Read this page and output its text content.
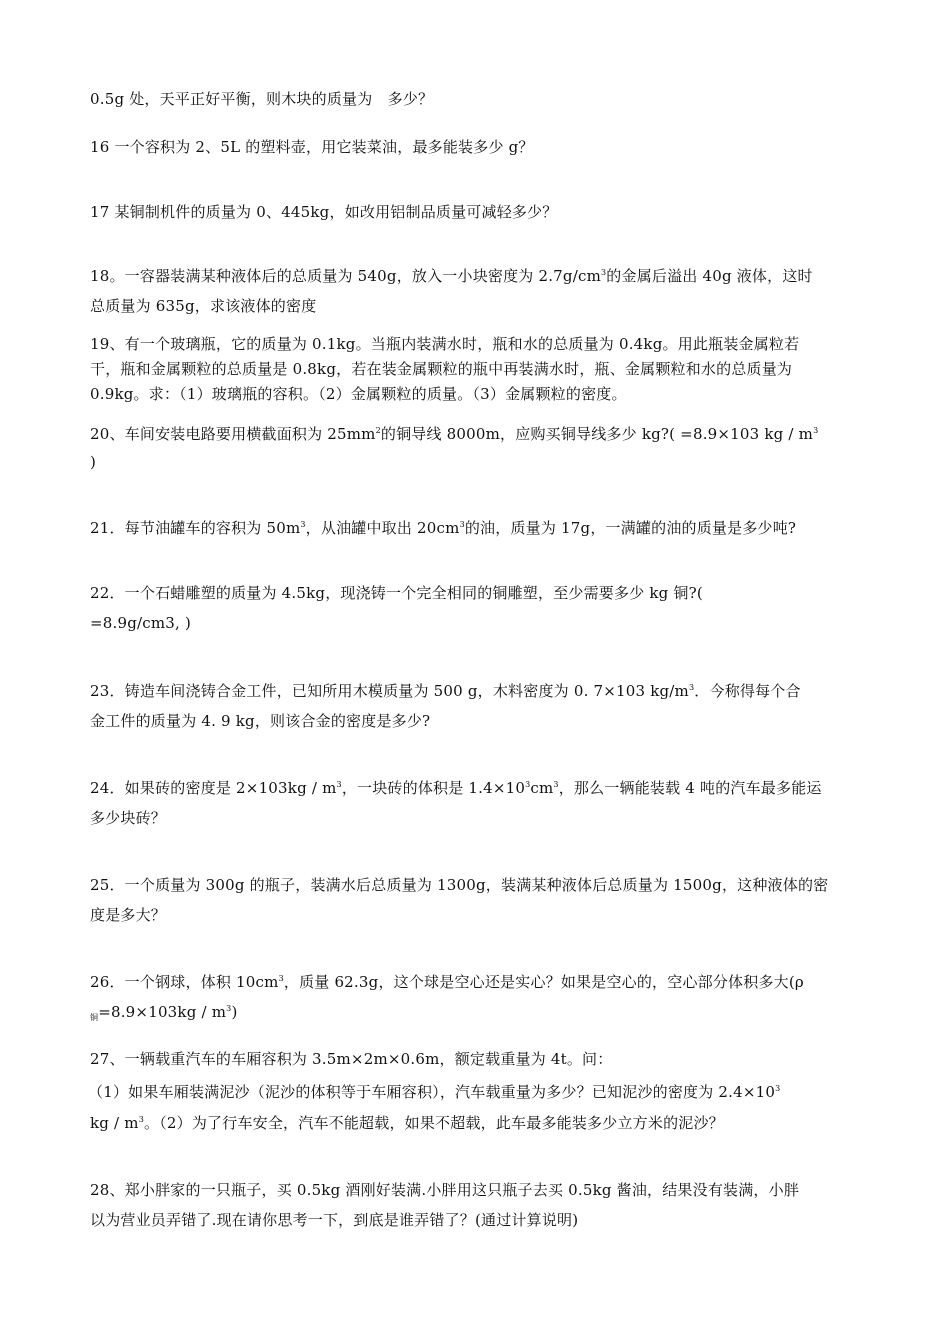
0.5g 处，天平正好平衡，则木块的质量为　多少？
16 一个容积为 2、5L 的塑料壶，用它装菜油，最多能装多少 g？
17 某铜制机件的质量为 0、445kg，如改用铝制品质量可减轻多少？
18。一容器装满某种液体后的总质量为 540g，放入一小块密度为 $2.7g/cm^3$的金属后溢出 40g 液体，这时
总质量为 635g，求该液体的密度
19、有一个玻璃瓶，它的质量为 0.1kg。当瓶内装满水时，瓶和水的总质量为 0.4kg。用此瓶装金属粒若
干，瓶和金属颗粒的总质量是 0.8kg，若在装金属颗粒的瓶中再装满水时，瓶、金属颗粒和水的总质量为
0.9kg。求：（1）玻璃瓶的容积。（2）金属颗粒的质量。（3）金属颗粒的密度。
20、车间安装电路要用横截面积为 $25mm^2$的铜导线 8000m，应购买铜导线多少 kg?( =8.9×103 kg / $m^3$
)
21．每节油罐车的容积为 $50m^3$，从油罐中取出 $20cm^3$的油，质量为 17g，一满罐的油的质量是多少吨?
22．一个石蜡雕塑的质量为 4.5kg，现浇铸一个完全相同的铜雕塑，至少需要多少 kg 铜?(
=8.9g/cm3, )
23．铸造车间浇铸合金工件，已知所用木模质量为 500 g，木料密度为 0. 7×103 $kg/m^3$．今称得每个合
金工件的质量为 4. 9 kg，则该合金的密度是多少?
24．如果砖的密度是 $2\times 103kg / m^3$，一块砖的体积是 $1.4\times 10^3cm^3$，那么一辆能装载 4 吨的汽车最多能运
多少块砖？
25．一个质量为 300g 的瓶子，装满水后总质量为 1300g，装满某种液体后总质量为 1500g，这种液体的密
度是多大？
26．一个钢球，体积 $10cm^3$，质量 62.3g，这个球是空心还是实心？如果是空心的，空心部分体积多大(ρ
$_铜=8.9\times 103kg / m^3$)
27、一辆载重汽车的车厢容积为 3.5m×2m×0.6m，额定载重量为 4t。问：
（1）如果车厢装满泥沙（泥沙的体积等于车厢容积），汽车载重量为多少？已知泥沙的密度为 $2.4\times 10^3$
kg / $m^3$。（2）为了行车安全，汽车不能超载，如果不超载，此车最多能装多少立方米的泥沙？
28、郑小胖家的一只瓶子，买 0.5kg 酒刚好装满.小胖用这只瓶子去买 0.5kg 酱油，结果没有装满，小胖
以为营业员弄错了.现在请你思考一下，到底是谁弄错了？(通过计算说明)
